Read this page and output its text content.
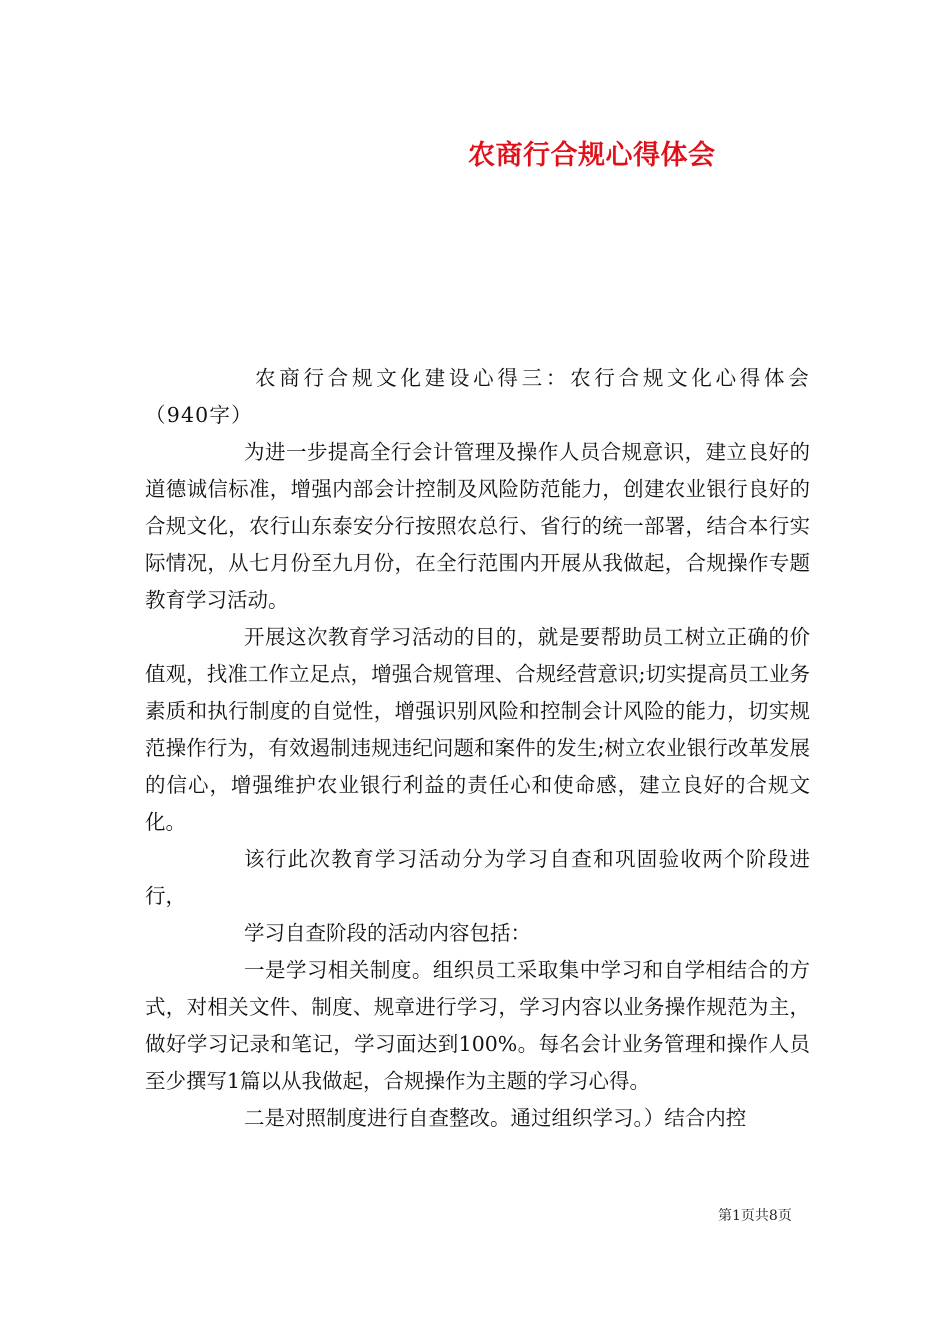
农商行合规心得体会

农商行合规文化建设心得三：农行合规文化心得体会（940字）

为进一步提高全行会计管理及操作人员合规意识，建立良好的道德诚信标准，增强内部会计控制及风险防范能力，创建农业银行良好的合规文化，农行山东泰安分行按照农总行、省行的统一部署，结合本行实际情况，从七月份至九月份，在全行范围内开展从我做起，合规操作专题教育学习活动。

开展这次教育学习活动的目的，就是要帮助员工树立正确的价值观，找准工作立足点，增强合规管理、合规经营意识;切实提高员工业务素质和执行制度的自觉性，增强识别风险和控制会计风险的能力，切实规范操作行为，有效遏制违规违纪问题和案件的发生;树立农业银行改革发展的信心，增强维护农业银行利益的责任心和使命感，建立良好的合规文化。

该行此次教育学习活动分为学习自查和巩固验收两个阶段进行，

学习自查阶段的活动内容包括：

一是学习相关制度。组织员工采取集中学习和自学相结合的方式，对相关文件、制度、规章进行学习，学习内容以业务操作规范为主，做好学习记录和笔记，学习面达到100%。每名会计业务管理和操作人员至少撰写1篇以从我做起，合规操作为主题的学习心得。

二是对照制度进行自查整改。通过组织学习。）结合内控

第1页共8页
